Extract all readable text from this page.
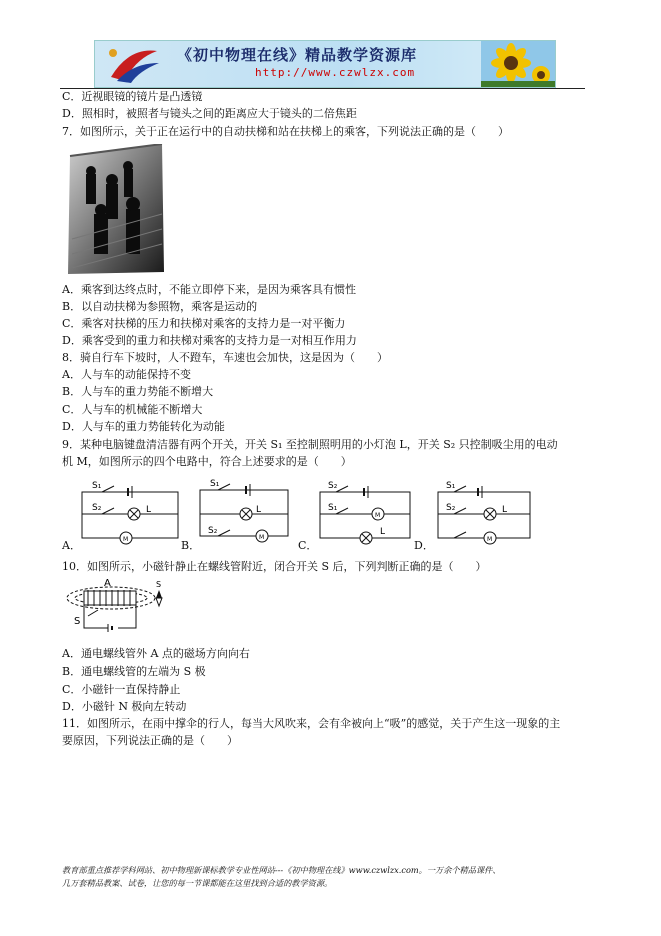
《初中物理在线》精品教学资源库
http://www.czwlzx.com
C．近视眼镜的镜片是凸透镜
D．照相时，被照者与镜头之间的距离应大于镜头的二倍焦距
7．如图所示，关于正在运行中的自动扶梯和站在扶梯上的乘客，下列说法正确的是（　　）
A．乘客到达终点时，不能立即停下来，是因为乘客具有惯性
B．以自动扶梯为参照物，乘客是运动的
C．乘客对扶梯的压力和扶梯对乘客的支持力是一对平衡力
D．乘客受到的重力和扶梯对乘客的支持力是一对相互作用力
8．骑自行车下坡时，人不蹬车，车速也会加快，这是因为（　　）
A．人与车的动能保持不变
B．人与车的重力势能不断增大
C．人与车的机械能不断增大
D．人与车的重力势能转化为动能
9．某种电脑键盘清洁器有两个开关，开关 S₁ 至控制照明用的小灯泡 L，开关 S₂ 只控制吸尘用的电动
机 M，如图所示的四个电路中，符合上述要求的是（　　）
A．
S₁
S₂	L
M	B．
S₁
L
S₂
M
C．
S₂
S₁
M
L
D．
S₁
S₂	L
M
10．如图所示，小磁针静止在螺线管附近，闭合开关 S 后，下列判断正确的是（　　）
A
S
S
A．通电螺线管外 A 点的磁场方向向右
B．通电螺线管的左端为 S 极
C．小磁针一直保持静止
D．小磁针 N 极向左转动
11．如图所示，在雨中撑伞的行人，每当大风吹来，会有伞被向上“吸”的感觉，关于产生这一现象的主
要原因，下列说法正确的是（　　）
教育部重点推荐学科网站、初中物理新课标教学专业性网站---《初中物理在线》www.czwlzx.com。一万余个精品课件、
几万套精品教案、试卷，让您的每一节课都能在这里找到合适的教学资源。
